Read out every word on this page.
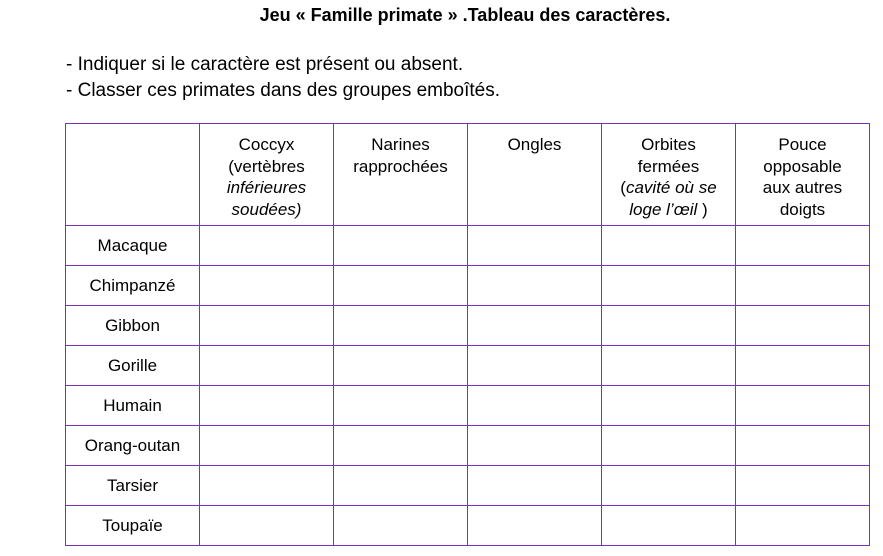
Jeu « Famille primate » .Tableau des caractères.
- Indiquer si le caractère est présent ou absent.
- Classer ces primates dans des groupes emboîtés.

	Coccyx
(vertèbres
inférieures
soudées)	Narines
rapprochées	Ongles	Orbites
fermées
(cavité où se
loge l’œil )	Pouce
opposable
aux autres
doigts

Macaque					
Chimpanzé					
Gibbon					
Gorille					
Humain					
Orang-outan					
Tarsier					
Toupaïe					
